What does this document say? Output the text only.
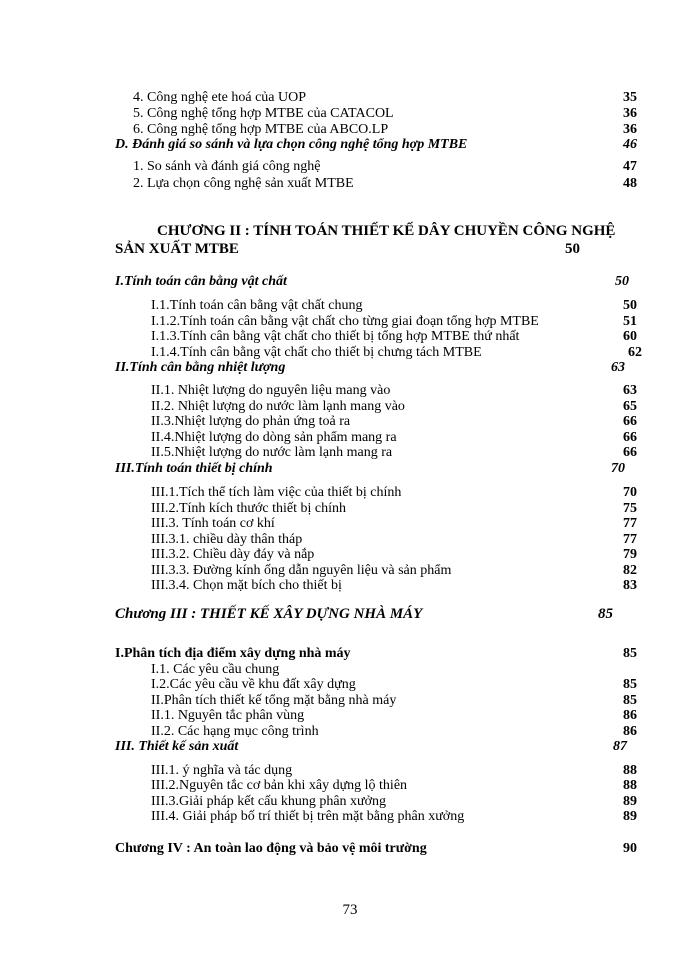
4. Công nghệ ete hoá của UOP	35
5. Công nghệ tổng hợp MTBE của CATACOL	36
6. Công nghệ tổng hợp MTBE của ABCO.LP	36
D. Đánh giá so sánh và lựa chọn công nghệ tổng hợp MTBE	46
1. So sánh và đánh giá công nghệ	47
2. Lựa chọn công nghệ sản xuất MTBE	48
CHƯƠNG II : TÍNH TOÁN THIẾT KẾ DÂY CHUYỀN CÔNG NGHỆ
SẢN XUẤT MTBE	50
I.Tính toán cân bằng vật chất	50
I.1.Tính toán cân bằng vật chất chung	50
I.1.2.Tính toán cân bằng vật chất cho từng giai đoạn tổng hợp MTBE	51
I.1.3.Tính cân bằng vật chất cho thiết bị tổng hợp MTBE thứ nhất	60
I.1.4.Tính cân bằng vật chất cho thiết bị chưng tách MTBE	62
II.Tính cân bằng nhiệt lượng	63
II.1. Nhiệt lượng do nguyên liệu mang vào	63
II.2. Nhiệt lượng do nước làm lạnh mang vào	65
II.3.Nhiệt lượng do phản ứng toả ra	66
II.4.Nhiệt lượng do dòng sản phẩm mang ra	66
II.5.Nhiệt lượng do nước làm lạnh mang ra	66
III.Tính toán thiết bị chính	70
III.1.Tích thể tích làm việc của thiết bị chính	70
III.2.Tính kích thước thiết bị chính	75
III.3. Tính toán cơ khí	77
III.3.1. chiều dày thân tháp	77
III.3.2. Chiều dày đáy và nắp	79
III.3.3. Đường kính ống dẫn nguyên liệu và sản phẩm	82
III.3.4. Chọn mặt bích cho thiết bị	83
Chương III : THIẾT KẾ XÂY DỰNG NHÀ MÁY	85
I.Phân tích địa điểm xây dựng nhà máy	85
I.1. Các yêu cầu chung
I.2.Các yêu cầu về khu đất xây dựng	85
II.Phân tích thiết kế tổng mặt bằng nhà máy	85
II.1. Nguyên tắc phân vùng	86
II.2. Các hạng mục công trình	86
III. Thiết kế sản xuất	87
III.1. ý nghĩa và tác dụng	88
III.2.Nguyên tắc cơ bản khi xây dựng lộ thiên	88
III.3.Giải pháp kết cấu khung phân xưởng	89
III.4. Giải pháp bố trí thiết bị trên mặt bằng phân xưởng	89
Chương IV : An toàn lao động và bảo vệ môi trường	90
73
